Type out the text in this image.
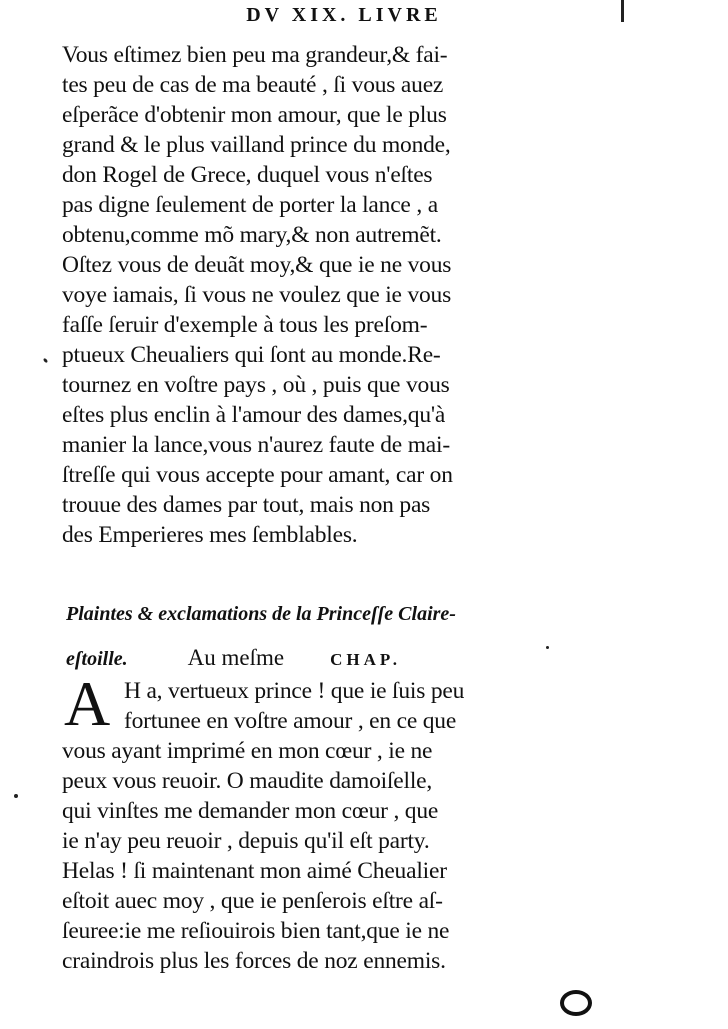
DV XIX. LIVRE
Vous eſtimez bien peu ma grandeur,& fai-
tes peu de cas de ma beauté , ſi vous auez
eſperãce d'obtenir mon amour, que le plus
grand & le plus vailland prince du monde,
don Rogel de Grece, duquel vous n'eſtes
pas digne ſeulement de porter la lance , a
obtenu,comme mõ mary,& non autremẽt.
Oſtez vous de deuãt moy,& que ie ne vous
voye iamais, ſi vous ne voulez que ie vous
faſſe ſeruir d'exemple à tous les preſom-
ptueux Cheualiers qui ſont au monde.Re-
tournez en voſtre pays , où , puis que vous
eſtes plus enclin à l'amour des dames,qu'à
manier la lance,vous n'aurez faute de mai-
ſtreſſe qui vous accepte pour amant, car on
trouue des dames par tout, mais non pas
des Emperieres mes ſemblables.
Plaintes & exclamations de la Princeſſe Claire-
eſtoille.	Au meſme	CHAP.
A H a, vertueux prince ! que ie ſuis peu
fortunee en voſtre amour , en ce que
vous ayant imprimé en mon cœur , ie ne
peux vous reuoir. O maudite damoiſelle,
qui vinſtes me demander mon cœur , que
ie n'ay peu reuoir , depuis qu'il eſt party.
Helas ! ſi maintenant mon aimé Cheualier
eſtoit auec moy , que ie penſerois eſtre aſ-
ſeuree:ie me reſiouirois bien tant,que ie ne
craindrois plus les forces de noz ennemis.
